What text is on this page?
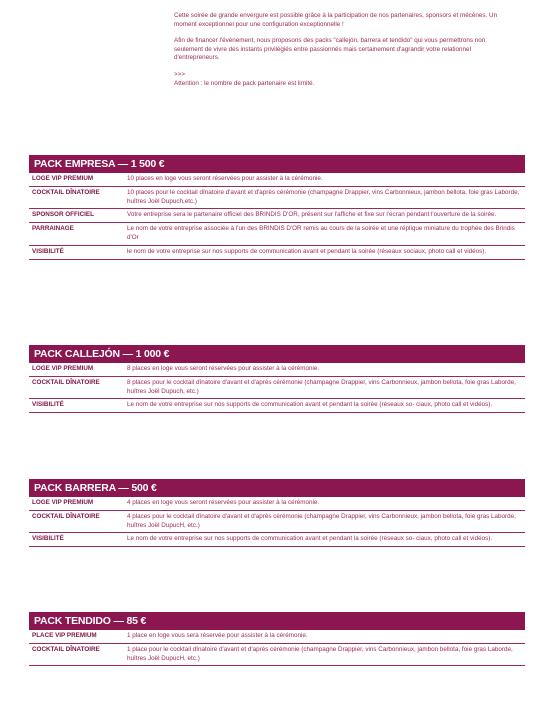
Cette soirée de grande envergure est possible grâce à la participation de nos partenaires, sponsors et mécènes. Un moment exceptionnel pour une configuration exceptionnelle !

Afin de financer l'évènement, nous proposons des packs "callejón, barrera et tendido" qui vous permettrons non seulement de vivre des instants privilégiés entre passionnés mais certainement d'agrandir votre relationnel d'entrepreneurs.

>>>

Attention : le nombre de pack partenaire est limité.

PACK EMPRESA — 1 500 €
LOGE VIP PREMIUM	10 places en loge vous seront réservées pour assister à la cérémonie.
COCKTAIL DÎNATOIRE	10 places pour le cocktail dînatoire d'avant et d'après cérémonie (champagne Drappier, vins Carbonnieux, jambon bellota, foie gras Laborde, huîtres Joël Dupuch,etc.)
SPONSOR OFFICIEL	Votre entreprise sera le partenaire officiel des BRINDIS D'OR, présent sur l'affiche et fixe sur l'écran pendant l'ouverture de la soirée.
PARRAINAGE	Le nom de votre entreprise associée à l'un des BRINDIS D'OR remis au cours de la soirée et une réplique miniature du trophée des Brindis d'Or
VISIBILITÉ	le nom de votre entreprise sur nos supports de communication avant et pendant la soirée (réseaux sociaux, photo call et vidéos).
PACK CALLEJÓN — 1 000 €
LOGE VIP PREMIUM	8 places en loge vous seront réservées pour assister à la cérémonie.
COCKTAIL DÎNATOIRE	8 places pour le cocktail dînatoire d'avant et d'après cérémonie (champagne Drappier, vins Carbonnieux, jambon bellota, foie gras Laborde, huîtres Joël Dupuch, etc.)
VISIBILITÉ	Le nom de votre entreprise sur nos supports de communication avant et pendant la soirée (réseaux so- ciaux, photo call et vidéos).
PACK BARRERA — 500 €
LOGE VIP PREMIUM	4 places en loge vous seront réservées pour assister à la cérémonie.
COCKTAIL DÎNATOIRE	4 places pour le cocktail dînatoire d'avant et d'après cérémonie (champagne Drappier, vins Carbonnieux, jambon bellota, foie gras Laborde, huîtres Joël DupucH, etc.)
VISIBILITÉ	Le nom de votre entreprise sur nos supports de communication avant et pendant la soirée (réseaux so- ciaux, photo call et vidéos).
PACK TENDIDO — 85 €
PLACE VIP PREMIUM	1 place en loge vous sera réservée pour assister à la cérémonie.
COCKTAIL DÎNATOIRE	1 place pour le cocktail dînatoire d'avant et d'après cérémonie (champagne Drappier, vins Carbonnieux, jambon bellota, foie gras Laborde, huîtres Joël DupucH, etc.)
